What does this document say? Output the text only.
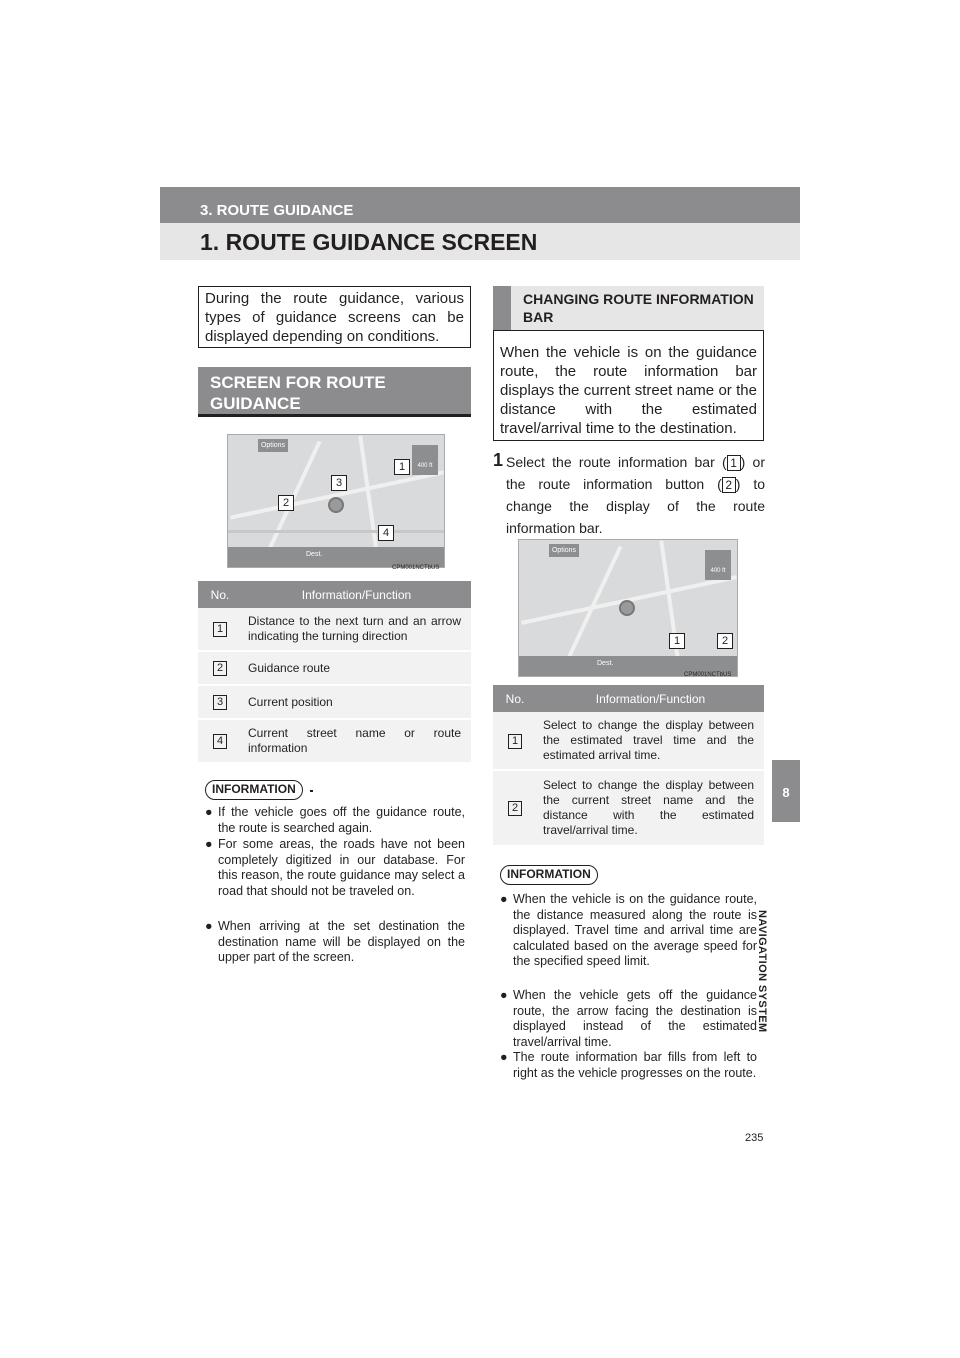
3. ROUTE GUIDANCE
1. ROUTE GUIDANCE SCREEN
8
NAVIGATION SYSTEM
During the route guidance, various types of guidance screens can be displayed depending on conditions.
SCREEN FOR ROUTE GUIDANCE
Options
400 ft
Dest.
1
2
3
4
CPM001NCTbUS
No.	Information/Function
1	Distance to the next turn and an arrow indicating the turning direction
2	Guidance route
3	Current position
4	Current street name or route information
INFORMATION
● If the vehicle goes off the guidance route, the route is searched again.
● For some areas, the roads have not been completely digitized in our database. For this reason, the route guidance may select a road that should not be traveled on.
● When arriving at the set destination the destination name will be displayed on the upper part of the screen.
CHANGING ROUTE INFORMATION BAR
When the vehicle is on the guidance route, the route information bar displays the current street name or the distance with the estimated travel/arrival time to the destination.
1 Select the route information bar ( 1 ) or the route information button ( 2 ) to change the display of the route information bar.
Options
400 ft
Dest.
1	2
CPM001NCTbUS
No.	Information/Function
1	Select to change the display between the estimated travel time and the estimated arrival time.
2	Select to change the display between the current street name and the distance with the estimated travel/arrival time.
INFORMATION
● When the vehicle is on the guidance route, the distance measured along the route is displayed. Travel time and arrival time are calculated based on the average speed for the specified speed limit.
● When the vehicle gets off the guidance route, the arrow facing the destination is displayed instead of the estimated travel/arrival time.
● The route information bar fills from left to right as the vehicle progresses on the route.
235
